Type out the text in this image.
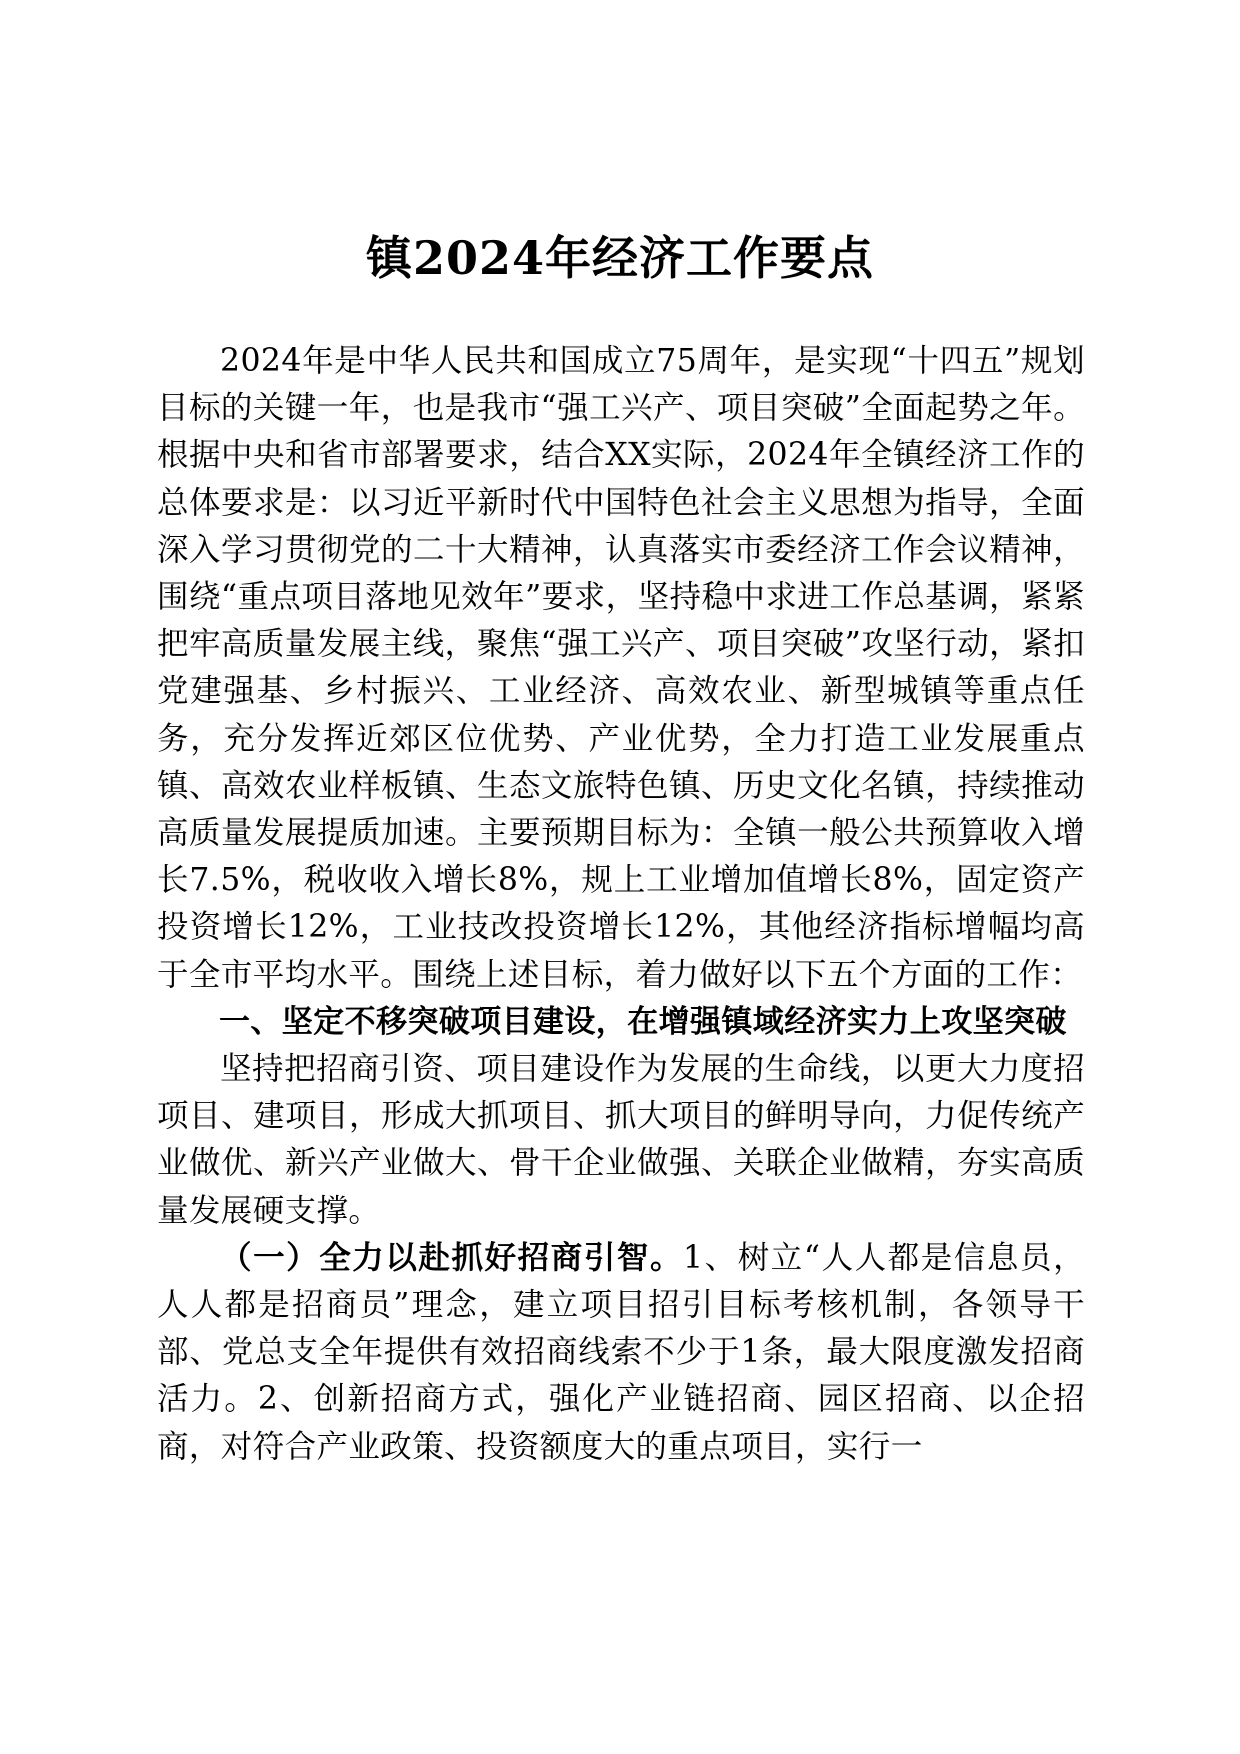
镇2024年经济工作要点

2024年是中华人民共和国成立75周年，是实现“十四五”规划目标的关键一年，也是我市“强工兴产、项目突破”全面起势之年。根据中央和省市部署要求，结合XX实际，2024年全镇经济工作的总体要求是：以习近平新时代中国特色社会主义思想为指导，全面深入学习贯彻党的二十大精神，认真落实市委经济工作会议精神，围绕“重点项目落地见效年”要求，坚持稳中求进工作总基调，紧紧把牢高质量发展主线，聚焦“强工兴产、项目突破”攻坚行动，紧扣党建强基、乡村振兴、工业经济、高效农业、新型城镇等重点任务，充分发挥近郊区位优势、产业优势，全力打造工业发展重点镇、高效农业样板镇、生态文旅特色镇、历史文化名镇，持续推动高质量发展提质加速。主要预期目标为：全镇一般公共预算收入增长7.5%，税收收入增长8%，规上工业增加值增长8%，固定资产投资增长12%，工业技改投资增长12%，其他经济指标增幅均高于全市平均水平。围绕上述目标，着力做好以下五个方面的工作：

一、坚定不移突破项目建设，在增强镇域经济实力上攻坚突破

坚持把招商引资、项目建设作为发展的生命线，以更大力度招项目、建项目，形成大抓项目、抓大项目的鲜明导向，力促传统产业做优、新兴产业做大、骨干企业做强、关联企业做精，夯实高质量发展硬支撑。

（一）全力以赴抓好招商引智。1、树立“人人都是信息员，人人都是招商员”理念，建立项目招引目标考核机制，各领导干部、党总支全年提供有效招商线索不少于1条，最大限度激发招商活力。2、创新招商方式，强化产业链招商、园区招商、以企招商，对符合产业政策、投资额度大的重点项目，实行一
